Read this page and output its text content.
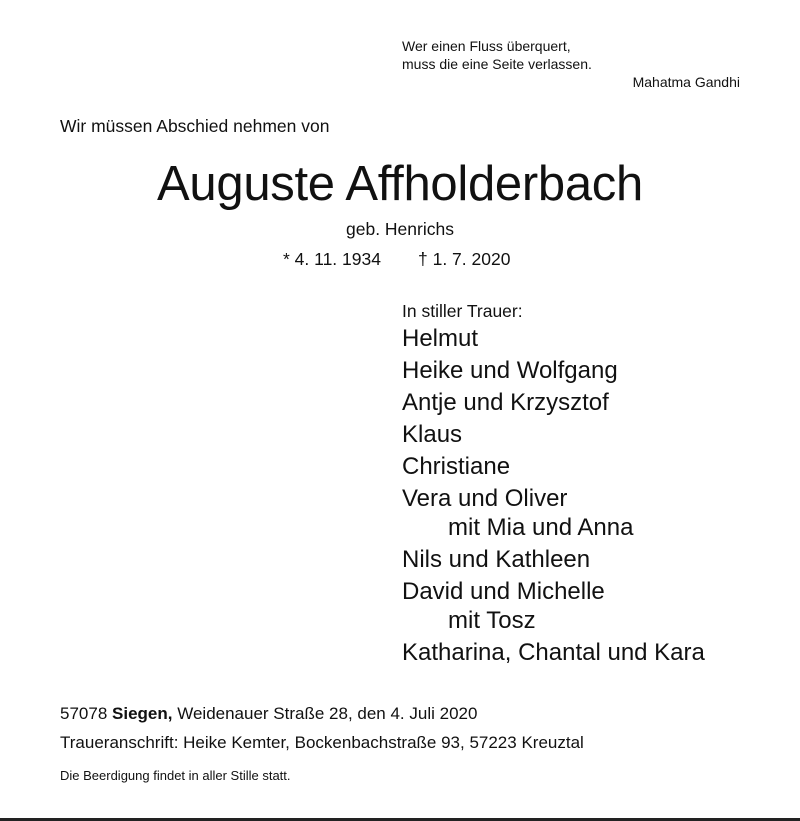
Wer einen Fluss überquert,
muss die eine Seite verlassen.
Mahatma Gandhi
Wir müssen Abschied nehmen von
Auguste Affholderbach
geb. Henrichs
* 4. 11. 1934 † 1. 7. 2020
In stiller Trauer:
Helmut
Heike und Wolfgang
Antje und Krzysztof
Klaus
Christiane
Vera und Oliver
mit Mia und Anna
Nils und Kathleen
David und Michelle
mit Tosz
Katharina, Chantal und Kara
57078 Siegen, Weidenauer Straße 28, den 4. Juli 2020
Traueranschrift: Heike Kemter, Bockenbachstraße 93, 57223 Kreuztal
Die Beerdigung findet in aller Stille statt.
